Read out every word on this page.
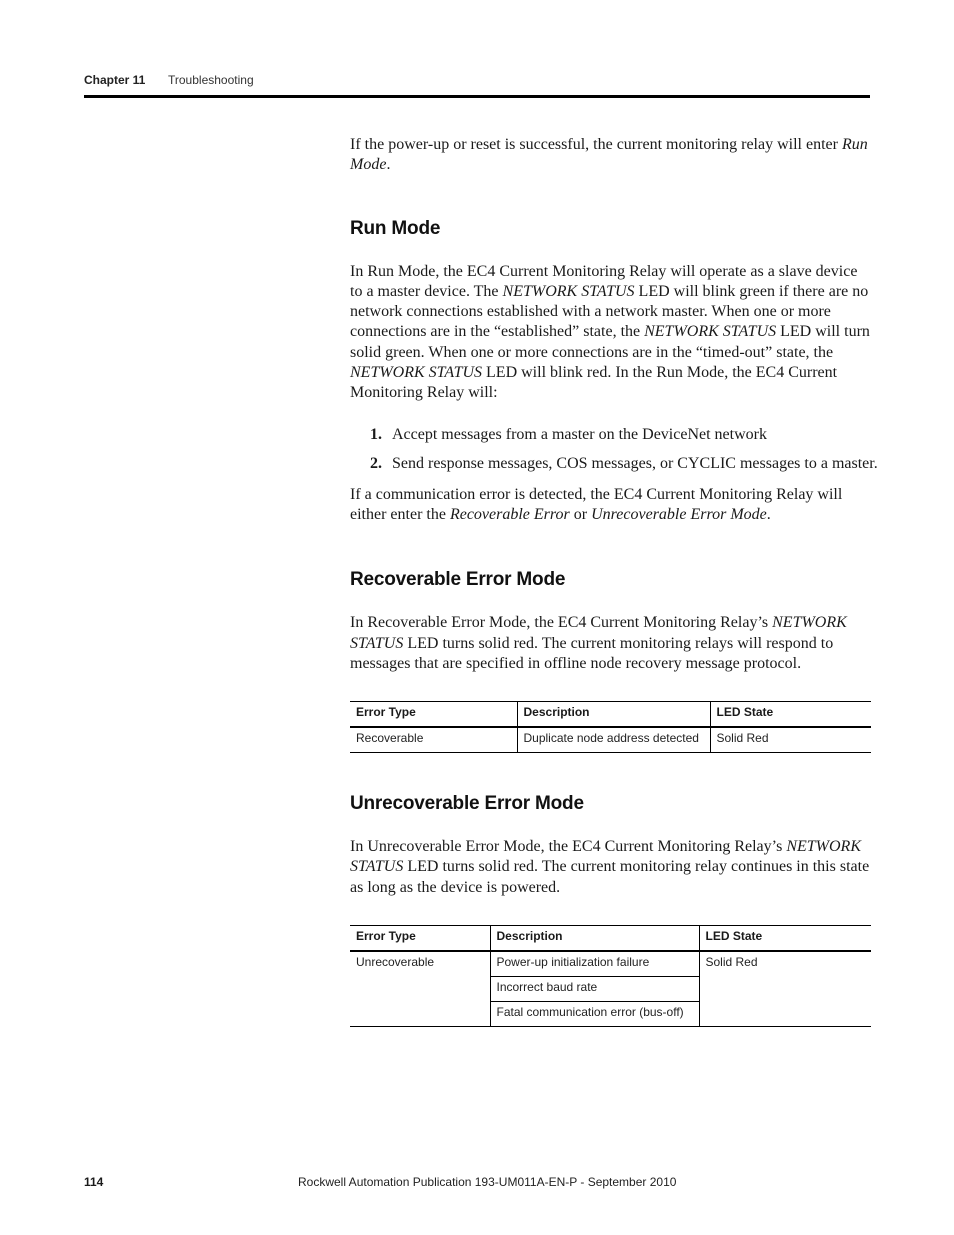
Chapter 11 Troubleshooting

If the power-up or reset is successful, the current monitoring relay will enter Run Mode.

Run Mode

In Run Mode, the EC4 Current Monitoring Relay will operate as a slave device to a master device. The NETWORK STATUS LED will blink green if there are no network connections established with a network master. When one or more connections are in the “established” state, the NETWORK STATUS LED will turn solid green. When one or more connections are in the “timed-out” state, the NETWORK STATUS LED will blink red. In the Run Mode, the EC4 Current Monitoring Relay will:

1. Accept messages from a master on the DeviceNet network
2. Send response messages, COS messages, or CYCLIC messages to a master.

If a communication error is detected, the EC4 Current Monitoring Relay will either enter the Recoverable Error or Unrecoverable Error Mode.

Recoverable Error Mode

In Recoverable Error Mode, the EC4 Current Monitoring Relay’s NETWORK STATUS LED turns solid red. The current monitoring relays will respond to messages that are specified in offline node recovery message protocol.

Error Type	Description	LED State
Recoverable	Duplicate node address detected	Solid Red
Unrecoverable Error Mode

In Unrecoverable Error Mode, the EC4 Current Monitoring Relay’s NETWORK STATUS LED turns solid red. The current monitoring relay continues in this state as long as the device is powered.

Error Type	Description	LED State
Unrecoverable	Power-up initialization failure	Solid Red
	Incorrect baud rate	
	Fatal communication error (bus-off)	
114	Rockwell Automation Publication 193-UM011A-EN-P - September 2010
